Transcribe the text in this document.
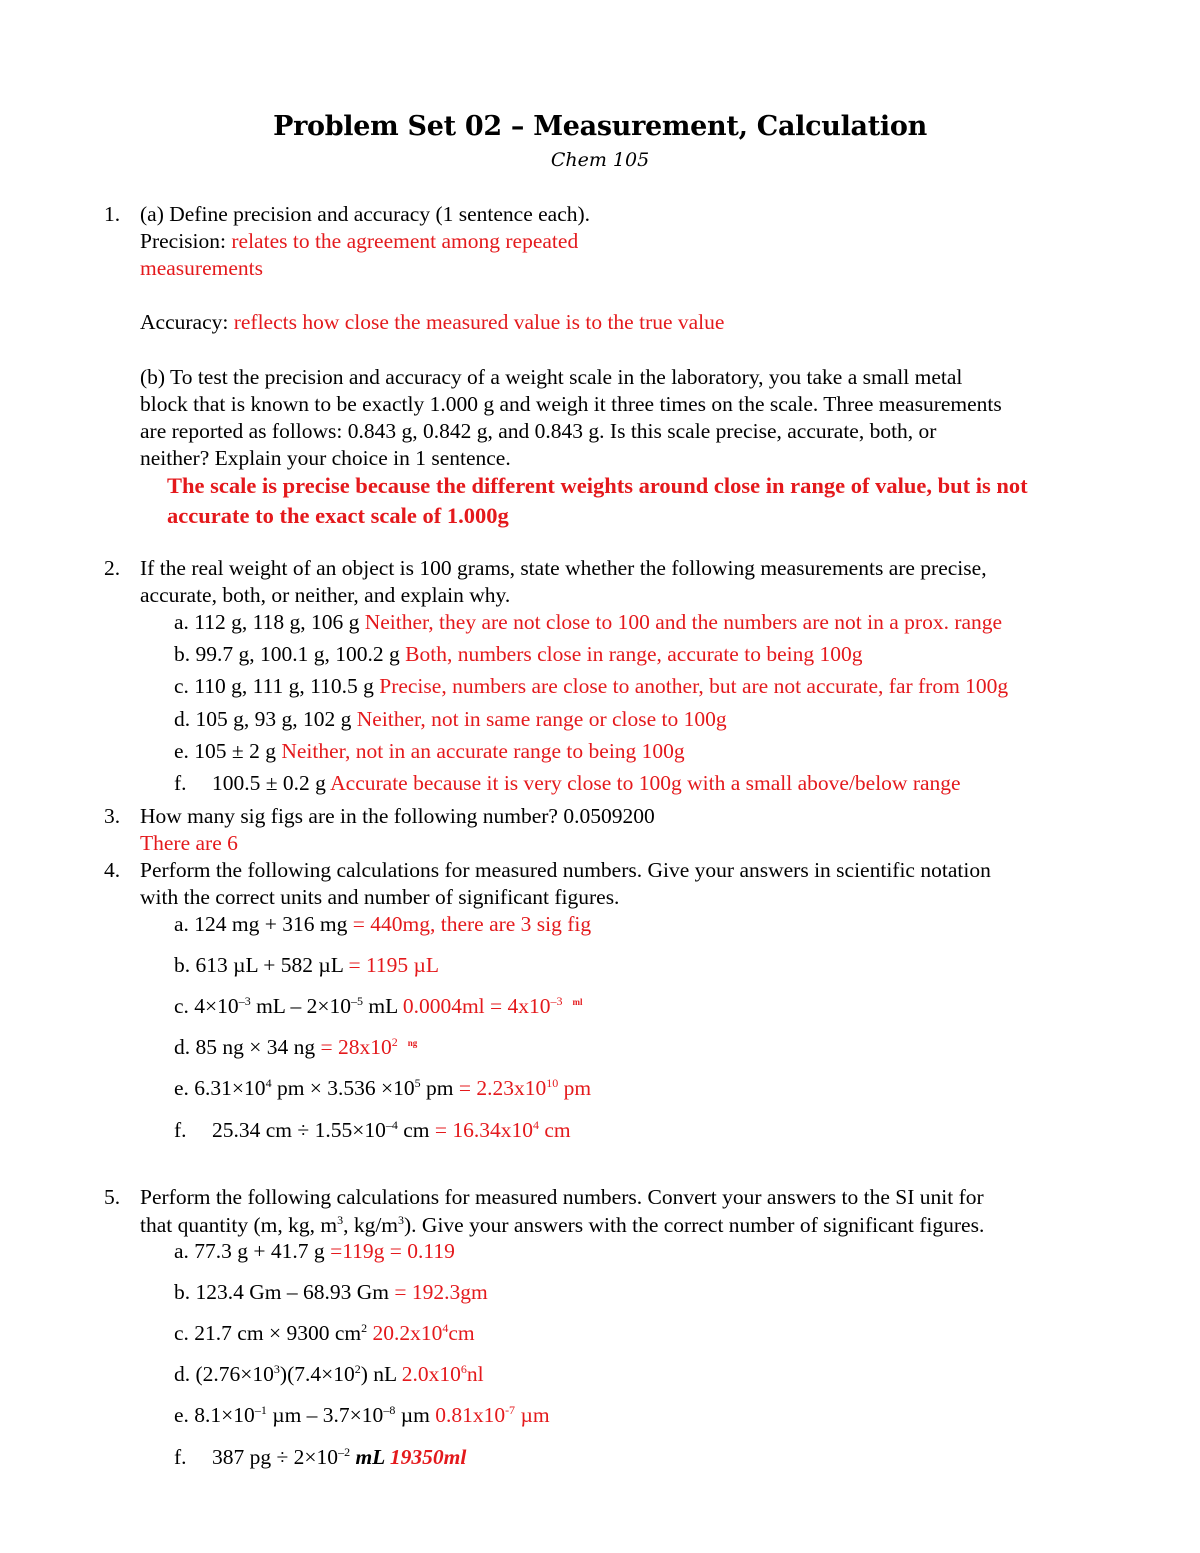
Problem Set 02 – Measurement, Calculation
Chem 105
1. (a) Define precision and accuracy (1 sentence each).
Precision: relates to the agreement among repeated
measurements
Accuracy: reflects how close the measured value is to the true value
(b) To test the precision and accuracy of a weight scale in the laboratory, you take a small metal
block that is known to be exactly 1.000 g and weigh it three times on the scale. Three measurements
are reported as follows: 0.843 g, 0.842 g, and 0.843 g. Is this scale precise, accurate, both, or
neither? Explain your choice in 1 sentence.
The scale is precise because the different weights around close in range of value, but is not
accurate to the exact scale of 1.000g
2. If the real weight of an object is 100 grams, state whether the following measurements are precise,
accurate, both, or neither, and explain why.
a. 112 g, 118 g, 106 g Neither, they are not close to 100 and the numbers are not in a prox. range
b. 99.7 g, 100.1 g, 100.2 g Both, numbers close in range, accurate to being 100g
c. 110 g, 111 g, 110.5 g Precise, numbers are close to another, but are not accurate, far from 100g
d. 105 g, 93 g, 102 g Neither, not in same range or close to 100g
e. 105 ± 2 g Neither, not in an accurate range to being 100g
f. 100.5 ± 0.2 g Accurate because it is very close to 100g with a small above/below range
3. How many sig figs are in the following number? 0.0509200
There are 6
4. Perform the following calculations for measured numbers. Give your answers in scientific notation
with the correct units and number of significant figures.
a. 124 mg + 316 mg = 440mg, there are 3 sig fig
b. 613 µL + 582 µL = 1195 µL
c. $4\times 10^{-3}$ mL – $2\times 10^{-5}$ mL $0.0004ml = 4x10^{-3}$ $^{ml}$
d. 85 ng × 34 ng = $28x10^2$ $^{ng}$
e. $6.31\times 10^4$ pm × $3.536 \times 10^5$ pm = $2.23x10^{10}$ pm
f. 25.34 cm ÷ $1.55\times 10^{-4}$ cm = $16.34x10^4$ cm
5. Perform the following calculations for measured numbers. Convert your answers to the SI unit for
that quantity (m, kg, $m^3$, $kg/m^3$). Give your answers with the correct number of significant figures.
a. 77.3 g + 41.7 g =119g = 0.119
b. 123.4 Gm – 68.93 Gm = 192.3gm
c. 21.7 cm × 9300 $cm^2$ $20.2x10^4cm$
d. $(2.76\times 10^3)(7.4\times 10^2)$ nL $2.0x10^6nl$
e. $8.1\times 10^{-1}$ $\mu m - 3.7\times 10^{-8}$ µm $0.81x10^{-7}$ µm
f. 387 pg ÷ $2\times 10^{-2}$ mL 19350ml
